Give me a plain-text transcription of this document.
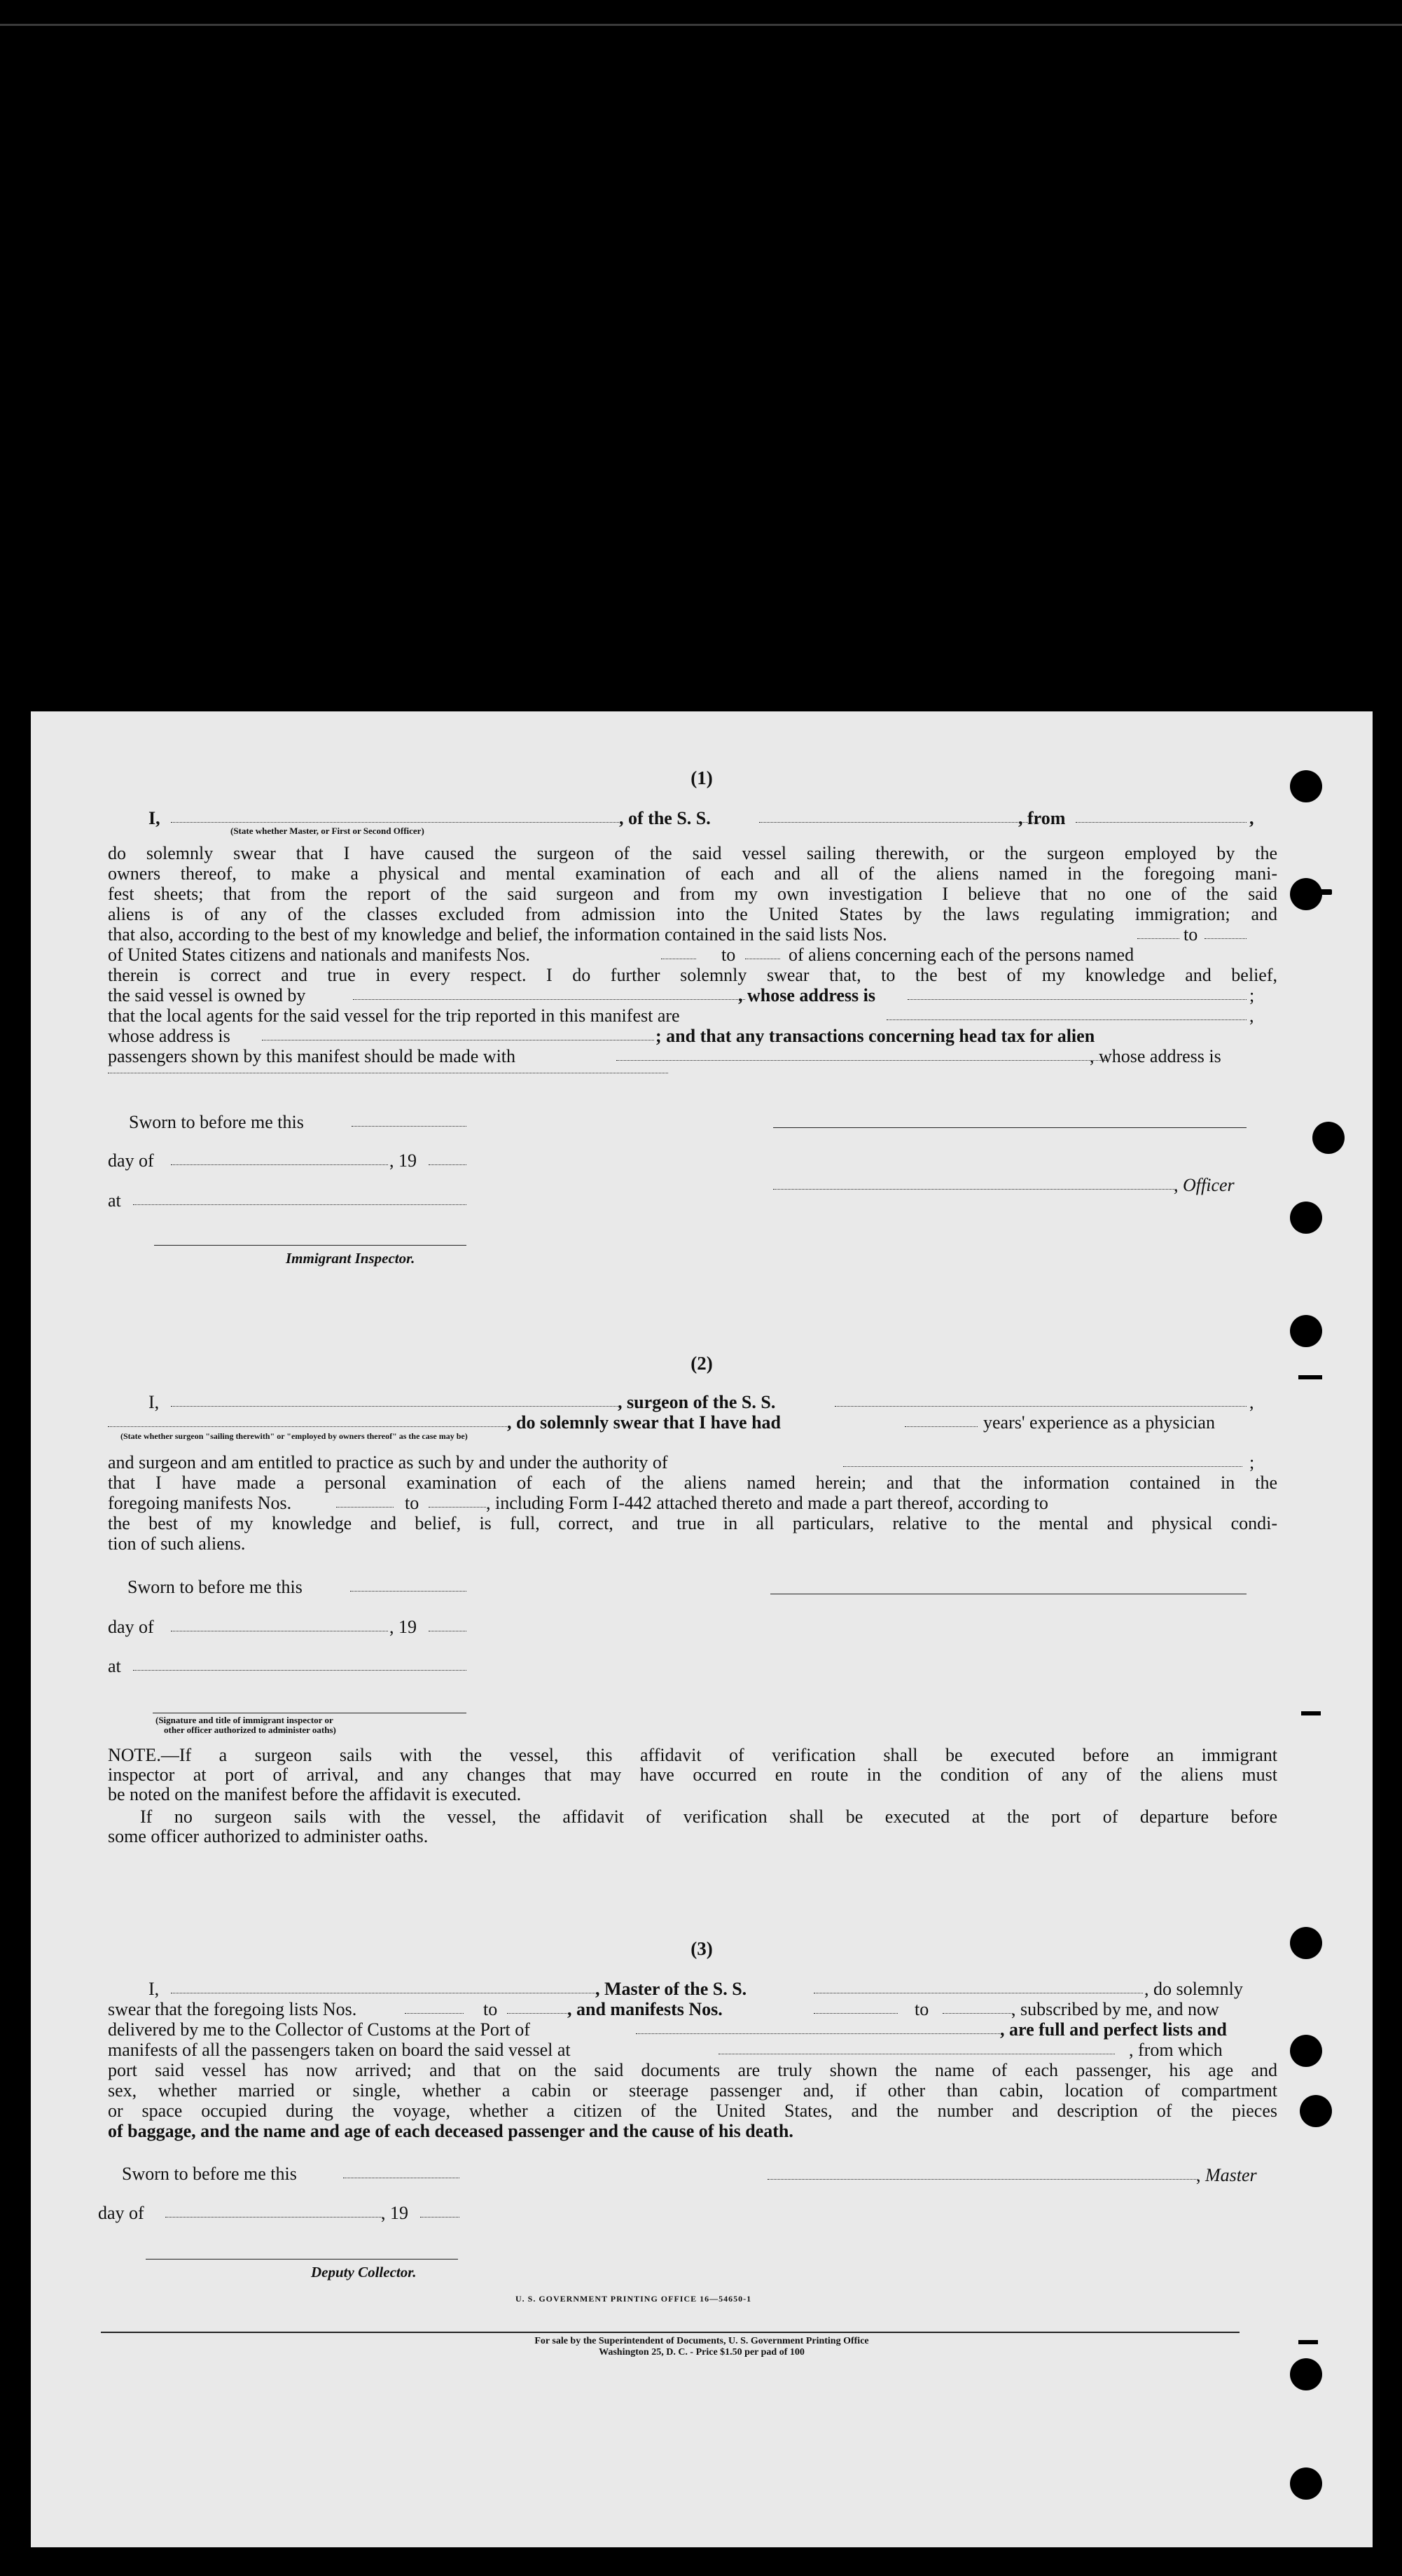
(1)
I,	, of the S. S.	, from	,
(State whether Master, or First or Second Officer)
do solemnly swear that I have caused the surgeon of the said vessel sailing therewith, or the surgeon employed by the
owners thereof, to make a physical and mental examination of each and all of the aliens named in the foregoing mani-
fest sheets; that from the report of the said surgeon and from my own investigation I believe that no one of the said
aliens is of any of the classes excluded from admission into the United States by the laws regulating immigration; and
that also, according to the best of my knowledge and belief, the information contained in the said lists Nos.	to
of United States citizens and nationals and manifests Nos.	to	of aliens concerning each of the persons named
therein is correct and true in every respect. I do further solemnly swear that, to the best of my knowledge and belief,
the said vessel is owned by	, whose address is	;
that the local agents for the said vessel for the trip reported in this manifest are	,
whose address is	; and that any transactions concerning head tax for alien
passengers shown by this manifest should be made with	, whose address is
Sworn to before me this
day of	, 19
, Officer
at
Immigrant Inspector.
(2)
I,	, surgeon of the S. S.	,
, do solemnly swear that I have had	years' experience as a physician
(State whether surgeon "sailing therewith" or "employed by owners thereof" as the case may be)
and surgeon and am entitled to practice as such by and under the authority of	;
that I have made a personal examination of each of the aliens named herein; and that the information contained in the
foregoing manifests Nos.	to	, including Form I-442 attached thereto and made a part thereof, according to
the best of my knowledge and belief, is full, correct, and true in all particulars, relative to the mental and physical condi-
tion of such aliens.
Sworn to before me this
day of	, 19
at
(Signature and title of immigrant inspector or
other officer authorized to administer oaths)
NOTE.—If a surgeon sails with the vessel, this affidavit of verification shall be executed before an immigrant
inspector at port of arrival, and any changes that may have occurred en route in the condition of any of the aliens must
be noted on the manifest before the affidavit is executed.
If no surgeon sails with the vessel, the affidavit of verification shall be executed at the port of departure before
some officer authorized to administer oaths.
(3)
I,	, Master of the S. S.	, do solemnly
swear that the foregoing lists Nos.	to	, and manifests Nos.	to	, subscribed by me, and now
delivered by me to the Collector of Customs at the Port of	, are full and perfect lists and
manifests of all the passengers taken on board the said vessel at	, from which
port said vessel has now arrived; and that on the said documents are truly shown the name of each passenger, his age and
sex, whether married or single, whether a cabin or steerage passenger and, if other than cabin, location of compartment
or space occupied during the voyage, whether a citizen of the United States, and the number and description of the pieces
of baggage, and the name and age of each deceased passenger and the cause of his death.
Sworn to before me this	, Master
day of	, 19
Deputy Collector.
U. S. GOVERNMENT PRINTING OFFICE 16—54650-1
For sale by the Superintendent of Documents, U. S. Government Printing Office
Washington 25, D. C. - Price $1.50 per pad of 100
